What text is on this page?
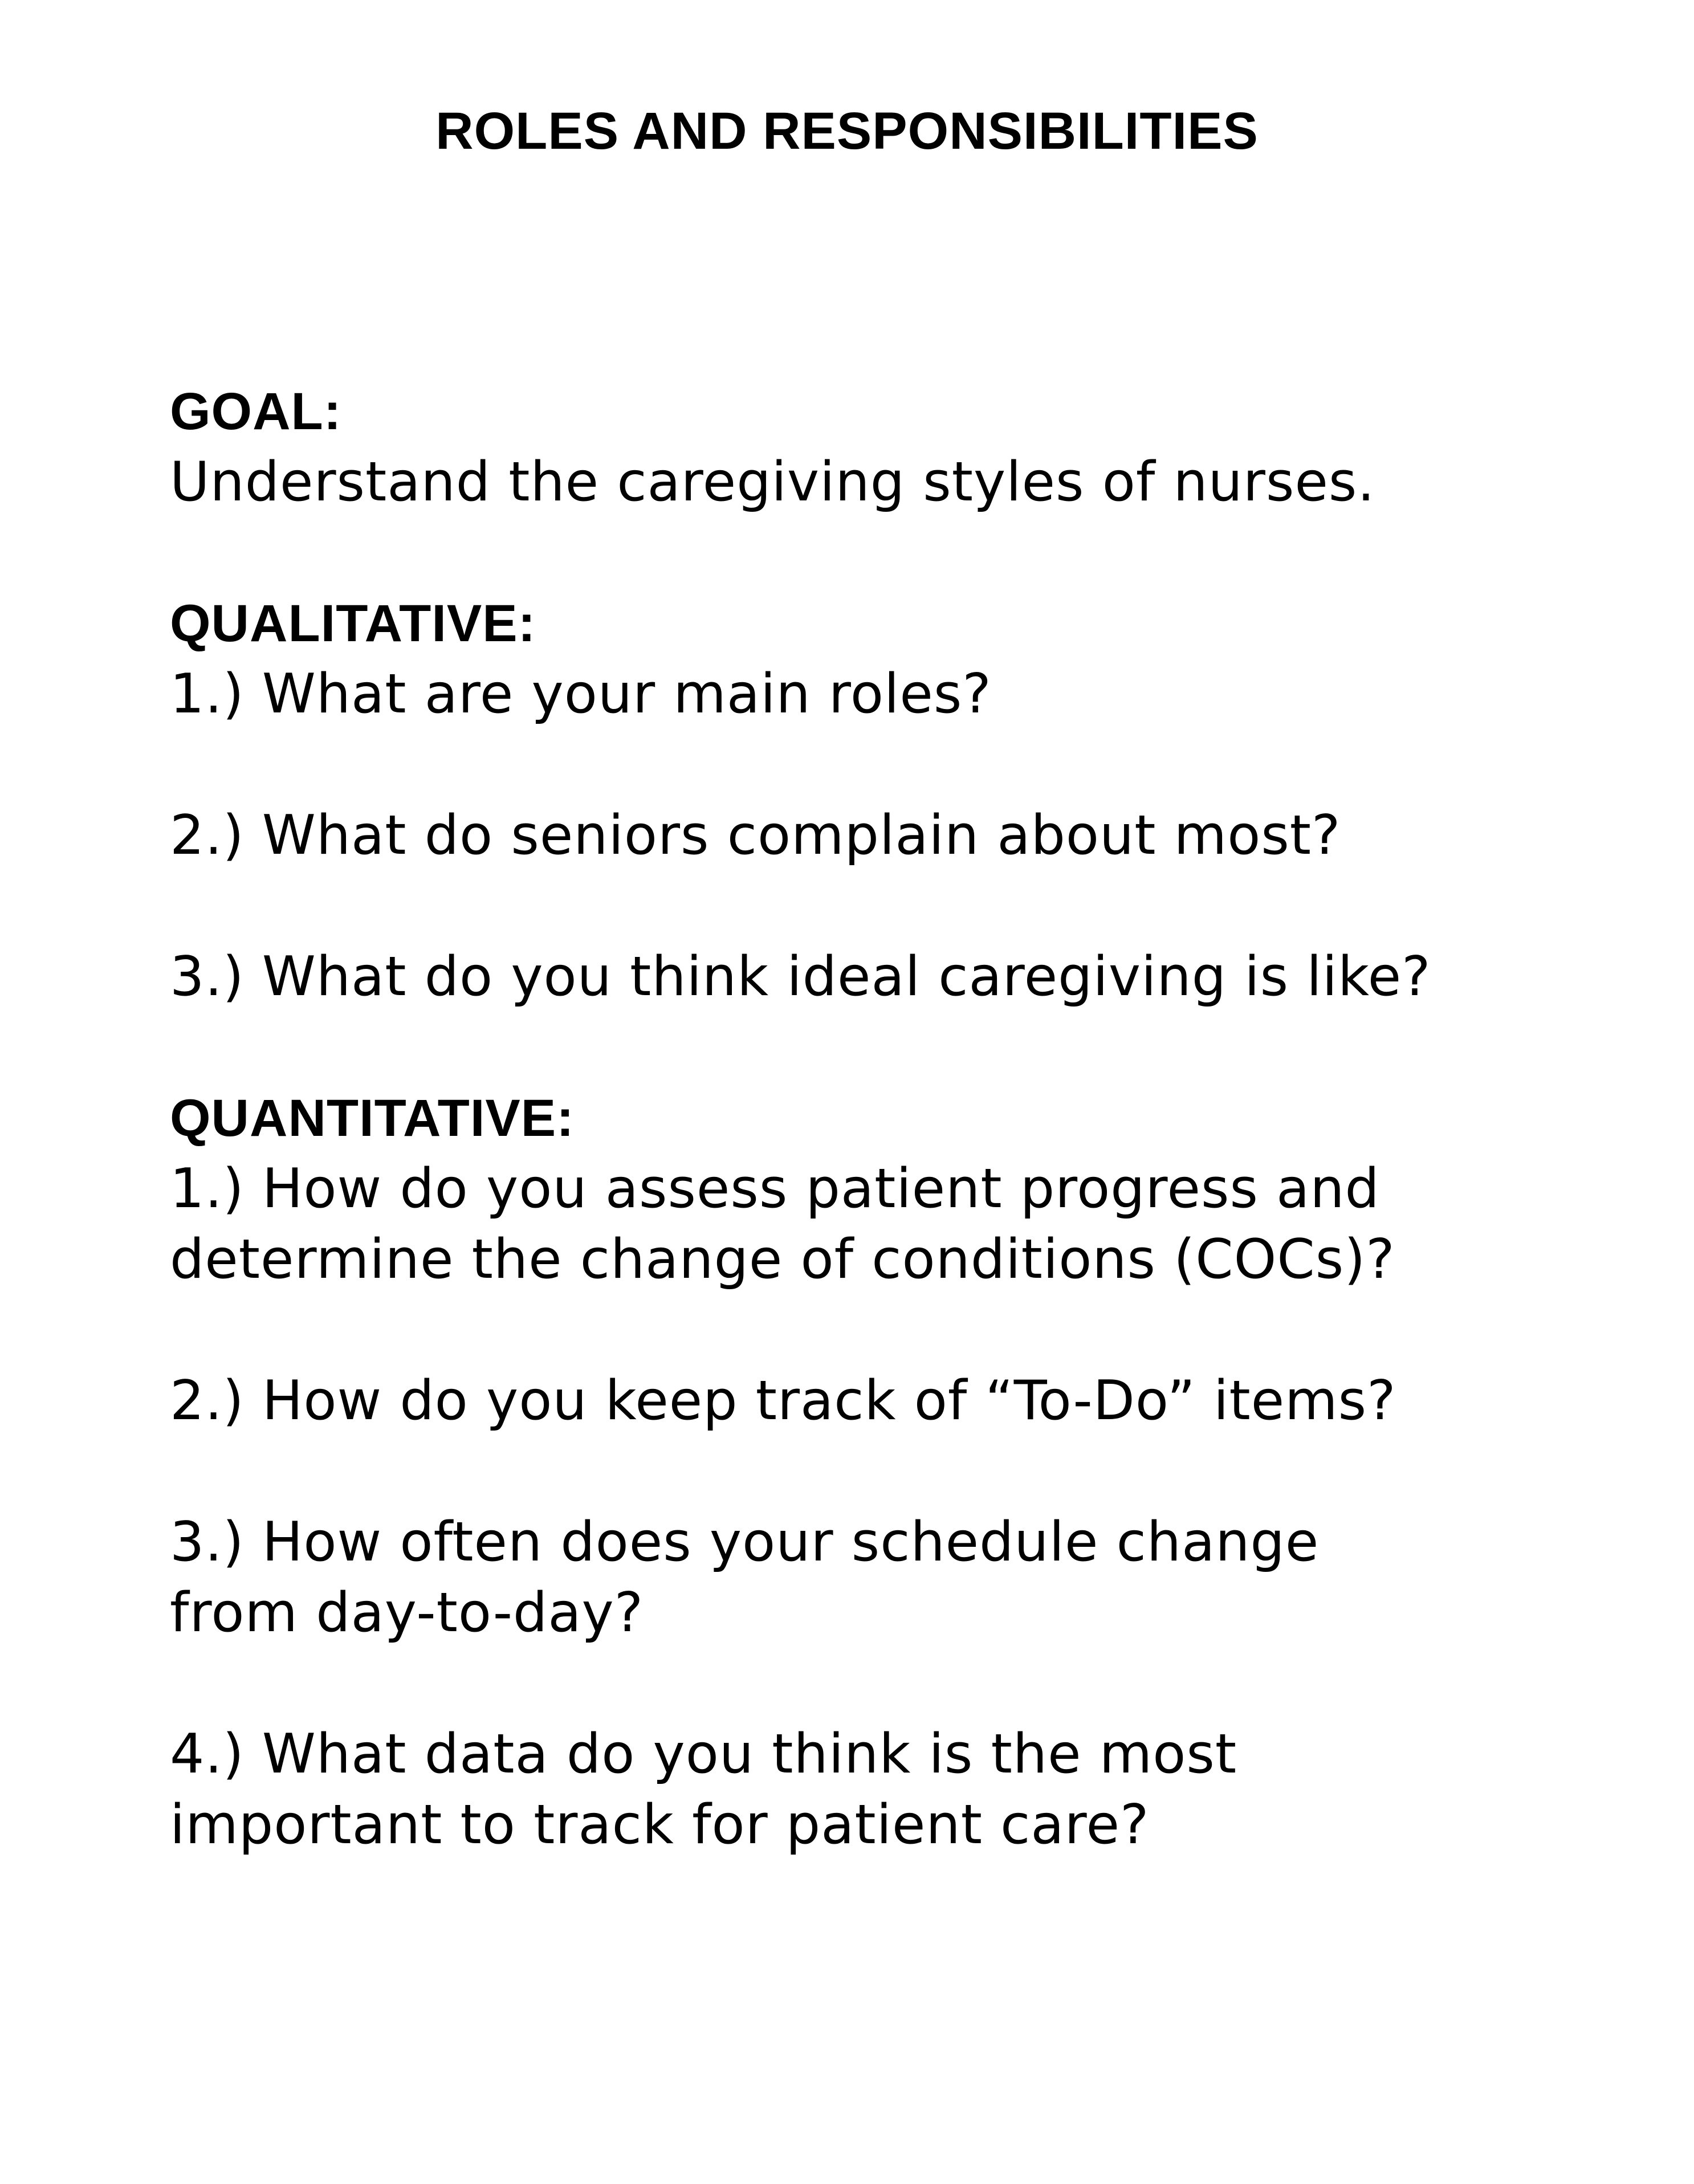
ROLES AND RESPONSIBILITIES

GOAL:

Understand the caregiving styles of nurses.

QUALITATIVE:

1.) What are your main roles?

2.) What do seniors complain about most?

3.) What do you think ideal caregiving is like?

QUANTITATIVE:

1.) How do you assess patient progress and

determine the change of conditions (COCs)?

2.) How do you keep track of “To-Do” items?

3.) How often does your schedule change

from day-to-day?

4.) What data do you think is the most

important to track for patient care?
